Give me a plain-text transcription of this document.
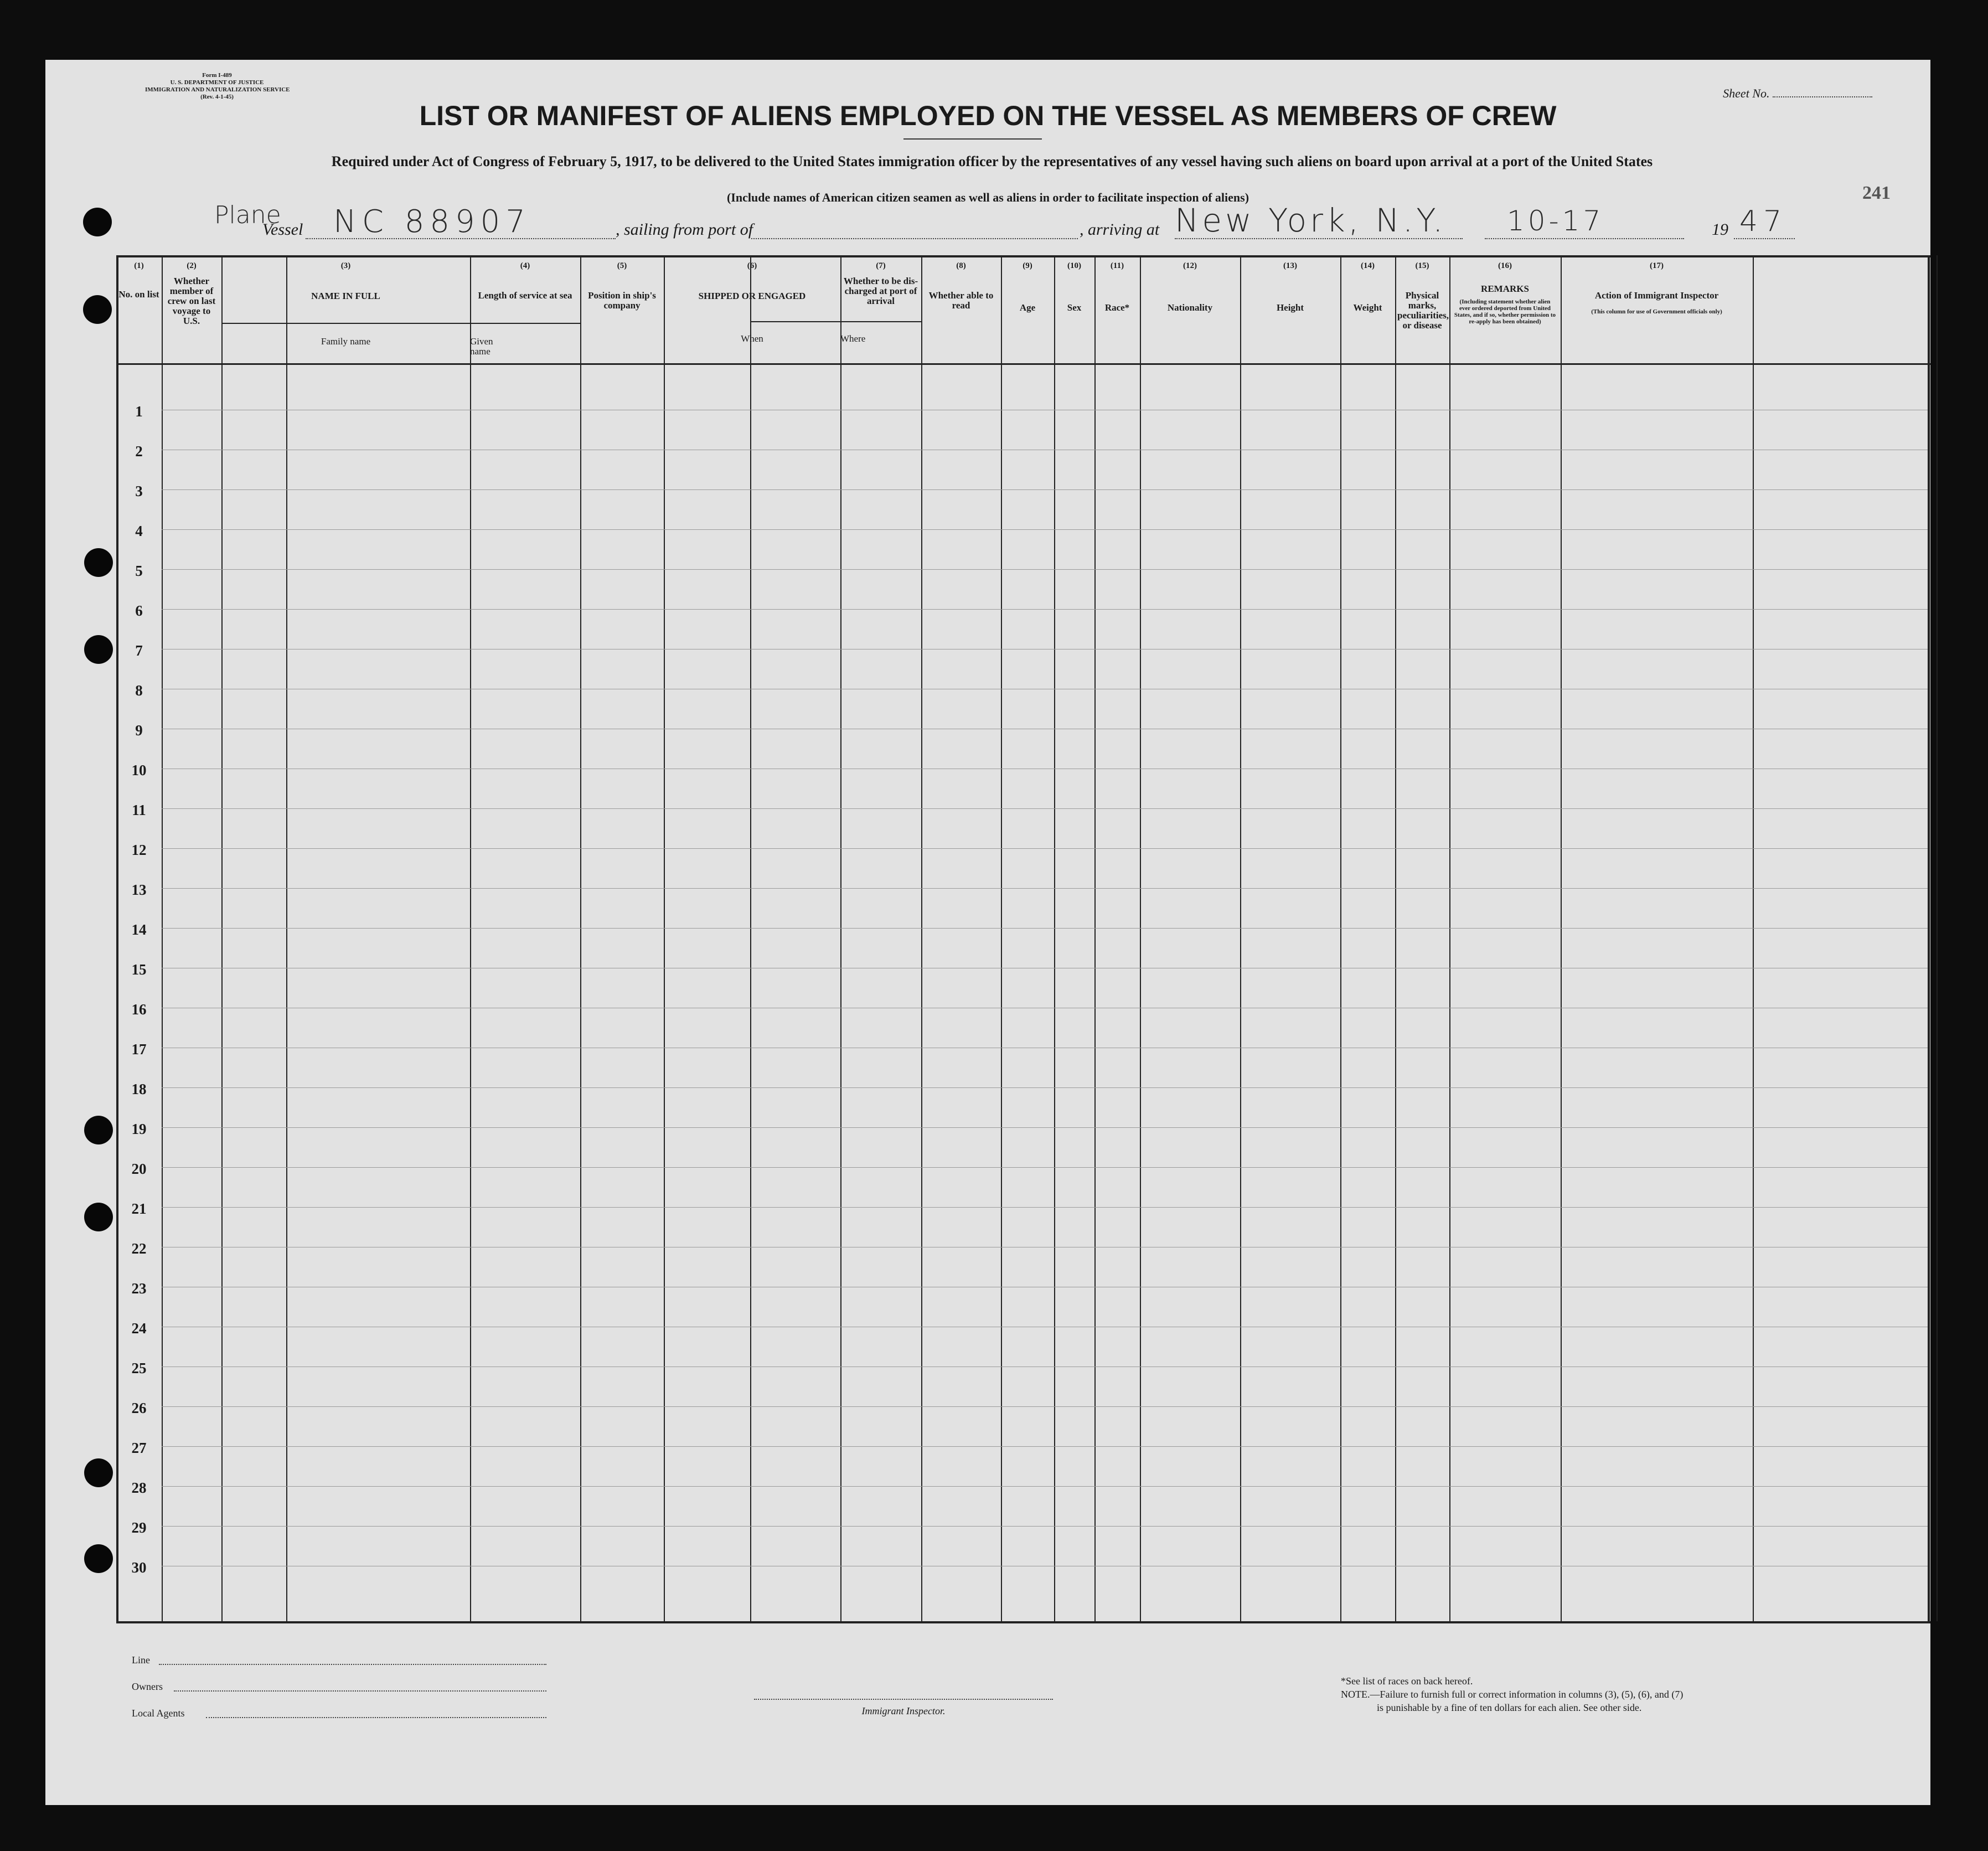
Form I-489
U. S. DEPARTMENT OF JUSTICE
IMMIGRATION AND NATURALIZATION SERVICE
(Rev. 4-1-45)	Sheet No.
LIST OR MANIFEST OF ALIENS EMPLOYED ON THE VESSEL AS MEMBERS OF CREW
Required under Act of Congress of February 5, 1917, to be delivered to the United States immigration officer by the representatives of any vessel having such aliens on board upon arrival at a port of the United States
(Include names of American citizen seamen as well as aliens in order to facilitate inspection of aliens)	241
Plane
Vessel NC 88907	, sailing from port of	, arriving at New York, N.Y. 10-17	19 47
(1)
No. on list
(2)
Whether member of crew on last voyage to U.S.
(3)
NAME IN FULL
Family name	Given name
(4)
Length of service at sea
(5)
Position in ship's company
(6)
SHIPPED OR ENGAGED
When	Where
(7)
Whether to be dis-charged at port of arrival
(8)
Whether able to read
(9)
Age
(10)
Sex
(11)
Race*
(12)
Nationality
(13)
Height
(14)
Weight
(15)
Physical marks, peculiarities, or disease
(16)
REMARKS
(Including statement whether alien ever ordered deported from United States, and if so, whether permission to re-apply has been obtained)
(17)
Action of Immigrant Inspector
(This column for use of Government officials only)
1
2
3
4
5
6
7
8
9
10
11
12
13
14
15
16
17
18
19
20
21
22
23
24
25
26
27
28
29
30
Line
Owners
Local Agents	Immigrant Inspector.
*See list of races on back hereof.
NOTE.—Failure to furnish full or correct information in columns (3), (5), (6), and (7)
is punishable by a fine of ten dollars for each alien. See other side.
